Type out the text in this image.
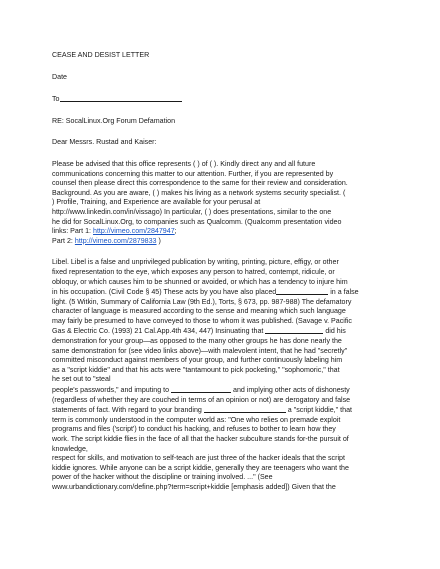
CEASE AND DESIST LETTER
Date
To
RE: SocalLinux.Org Forum Defamation
Dear Messrs. Rustad and Kaiser:
Please be advised that this office represents ( ) of ( ). Kindly direct any and all future
communications concerning this matter to our attention. Further, if you are represented by
counsel then please direct this correspondence to the same for their review and consideration.
Background. As you are aware, ( ) makes his living as a network systems security specialist. (
) Profile, Training, and Experience are available for your perusal at
http://www.linkedin.com/in/vissago) In particular, ( ) does presentations, similar to the one
he did for SocalLinux.Org, to companies such as Qualcomm. (Qualcomm presentation video
links: Part 1: http://vimeo.com/2847947;
Part 2: http://vimeo.com/2879833 )
Libel. Libel is a false and unprivileged publication by writing, printing, picture, effigy, or other
fixed representation to the eye, which exposes any person to hatred, contempt, ridicule, or
obloquy, or which causes him to be shunned or avoided, or which has a tendency to injure him
in his occupation. (Civil Code § 45) These acts by you have also placed	in a false
light. (5 Witkin, Summary of California Law (9th Ed.), Torts, § 673, pp. 987-988) The defamatory
character of language is measured according to the sense and meaning which such language
may fairly be presumed to have conveyed to those to whom it was published. (Savage v. Pacific
Gas & Electric Co. (1993) 21 Cal.App.4th 434, 447) Insinuating that	did his
demonstration for your group—as opposed to the many other groups he has done nearly the
same demonstration for (see video links above)—with malevolent intent, that he had "secretly"
committed misconduct against members of your group, and further continuously labeling him
as a "script kiddie" and that his acts were "tantamount to pick pocketing," "sophomoric," that
he set out to "steal
people's passwords," and imputing to	and implying other acts of dishonesty
(regardless of whether they are couched in terms of an opinion or not) are derogatory and false
statements of fact. With regard to your branding	a "script kiddie," that
term is commonly understood in the computer world as: "One who relies on premade exploit
programs and files ('script') to conduct his hacking, and refuses to bother to learn how they
work. The script kiddie flies in the face of all that the hacker subculture stands for-the pursuit of
knowledge,
respect for skills, and motivation to self-teach are just three of the hacker ideals that the script
kiddie ignores. While anyone can be a script kiddie, generally they are teenagers who want the
power of the hacker without the discipline or training involved. ..." (See
www.urbandictionary.com/define.php?term=script+kiddie [emphasis added]) Given that the
